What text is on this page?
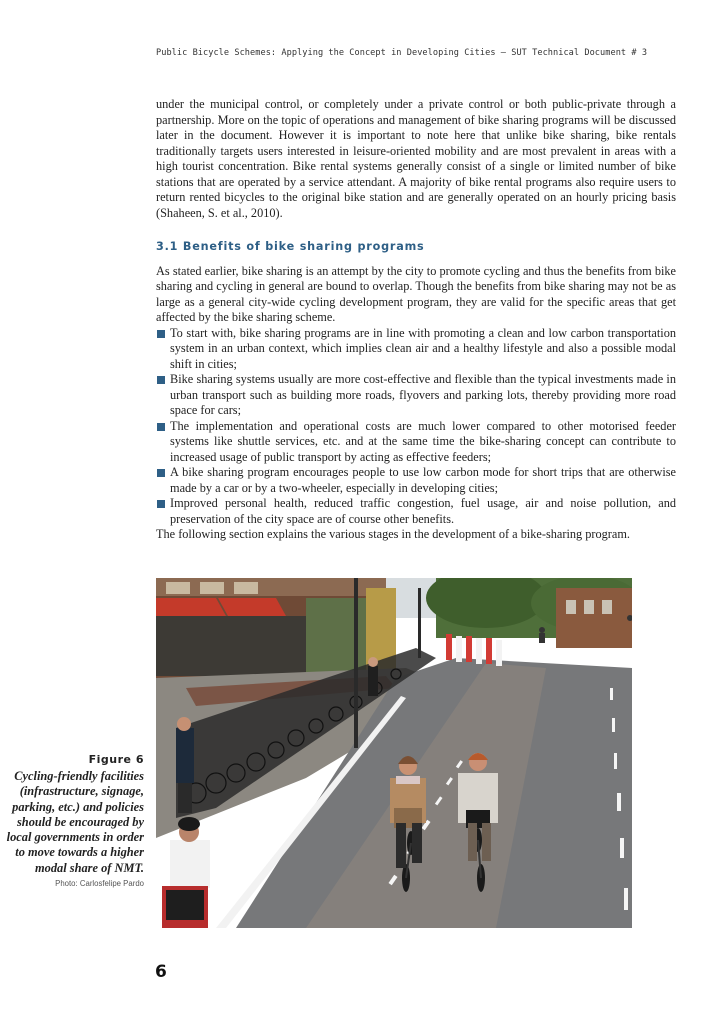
Public Bicycle Schemes: Applying the Concept in Developing Cities – SUT Technical Document # 3

under the municipal control, or completely under a private control or both public-private through a partnership. More on the topic of operations and management of bike sharing programs will be discussed later in the document. However it is important to note here that unlike bike sharing, bike rentals traditionally targets users interested in leisure-oriented mobility and are most prevalent in areas with a high tourist concentration. Bike rental systems generally consist of a single or limited number of bike stations that are operated by a service attendant. A majority of bike rental programs also require users to return rented bicycles to the original bike station and are generally operated on an hourly pricing basis (Shaheen, S. et al., 2010).

3.1 Benefits of bike sharing programs

As stated earlier, bike sharing is an attempt by the city to promote cycling and thus the benefits from bike sharing and cycling in general are bound to overlap. Though the benefits from bike sharing may not be as large as a general city-wide cycling development program, they are valid for the specific areas that get affected by the bike sharing scheme.

To start with, bike sharing programs are in line with promoting a clean and low carbon transportation system in an urban context, which implies clean air and a healthy lifestyle and also a possible modal shift in cities;
Bike sharing systems usually are more cost-effective and flexible than the typical investments made in urban transport such as building more roads, flyovers and parking lots, thereby providing more road space for cars;
The implementation and operational costs are much lower compared to other motorised feeder systems like shuttle services, etc. and at the same time the bike-sharing concept can contribute to increased usage of public transport by acting as effective feeders;
A bike sharing program encourages people to use low carbon mode for short trips that are otherwise made by a car or by a two-wheeler, especially in developing cities;
Improved personal health, reduced traffic congestion, fuel usage, air and noise pollution, and preservation of the city space are of course other benefits.

The following section explains the various stages in the development of a bike-sharing program.

Figure 6
Cycling-friendly facilities (infrastructure, signage, parking, etc.) and policies should be encouraged by local governments in order to move towards a higher modal share of NMT.
Photo: Carlosfelipe Pardo
6
